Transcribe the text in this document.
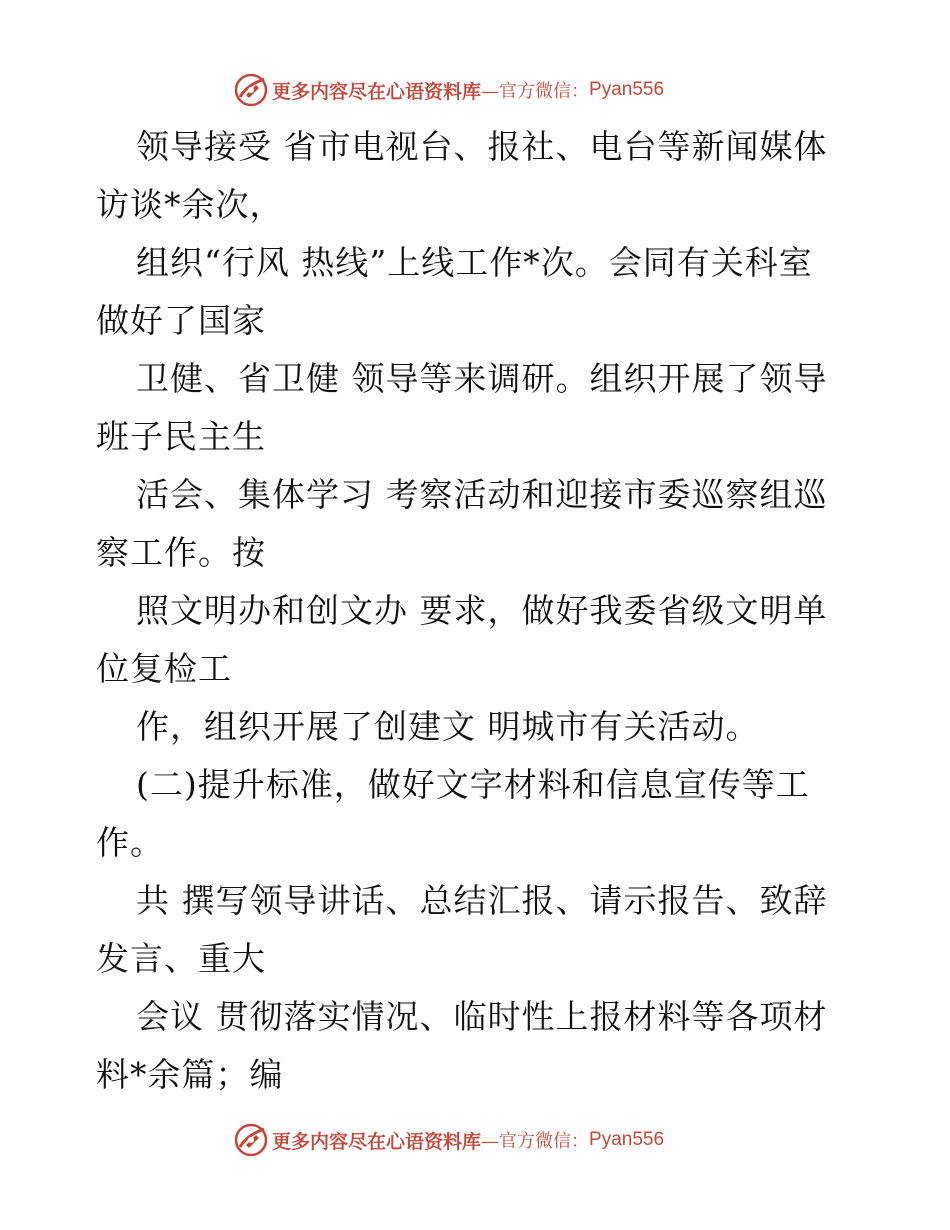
更多内容尽在心语资料库 —官方微信： Pyan556

领导接受 省市电视台、报社、电台等新闻媒体

访谈*余次，

组织“行风 热线”上线工作*次。会同有关科室

做好了国家

卫健、省卫健 领导等来调研。组织开展了领导

班子民主生

活会、集体学习 考察活动和迎接市委巡察组巡

察工作。按

照文明办和创文办 要求，做好我委省级文明单

位复检工

作，组织开展了创建文 明城市有关活动。

(二)提升标准，做好文字材料和信息宣传等工

作。

共 撰写领导讲话、总结汇报、请示报告、致辞

发言、重大

会议 贯彻落实情况、临时性上报材料等各项材

料*余篇；编

更多内容尽在心语资料库 —官方微信： Pyan556
